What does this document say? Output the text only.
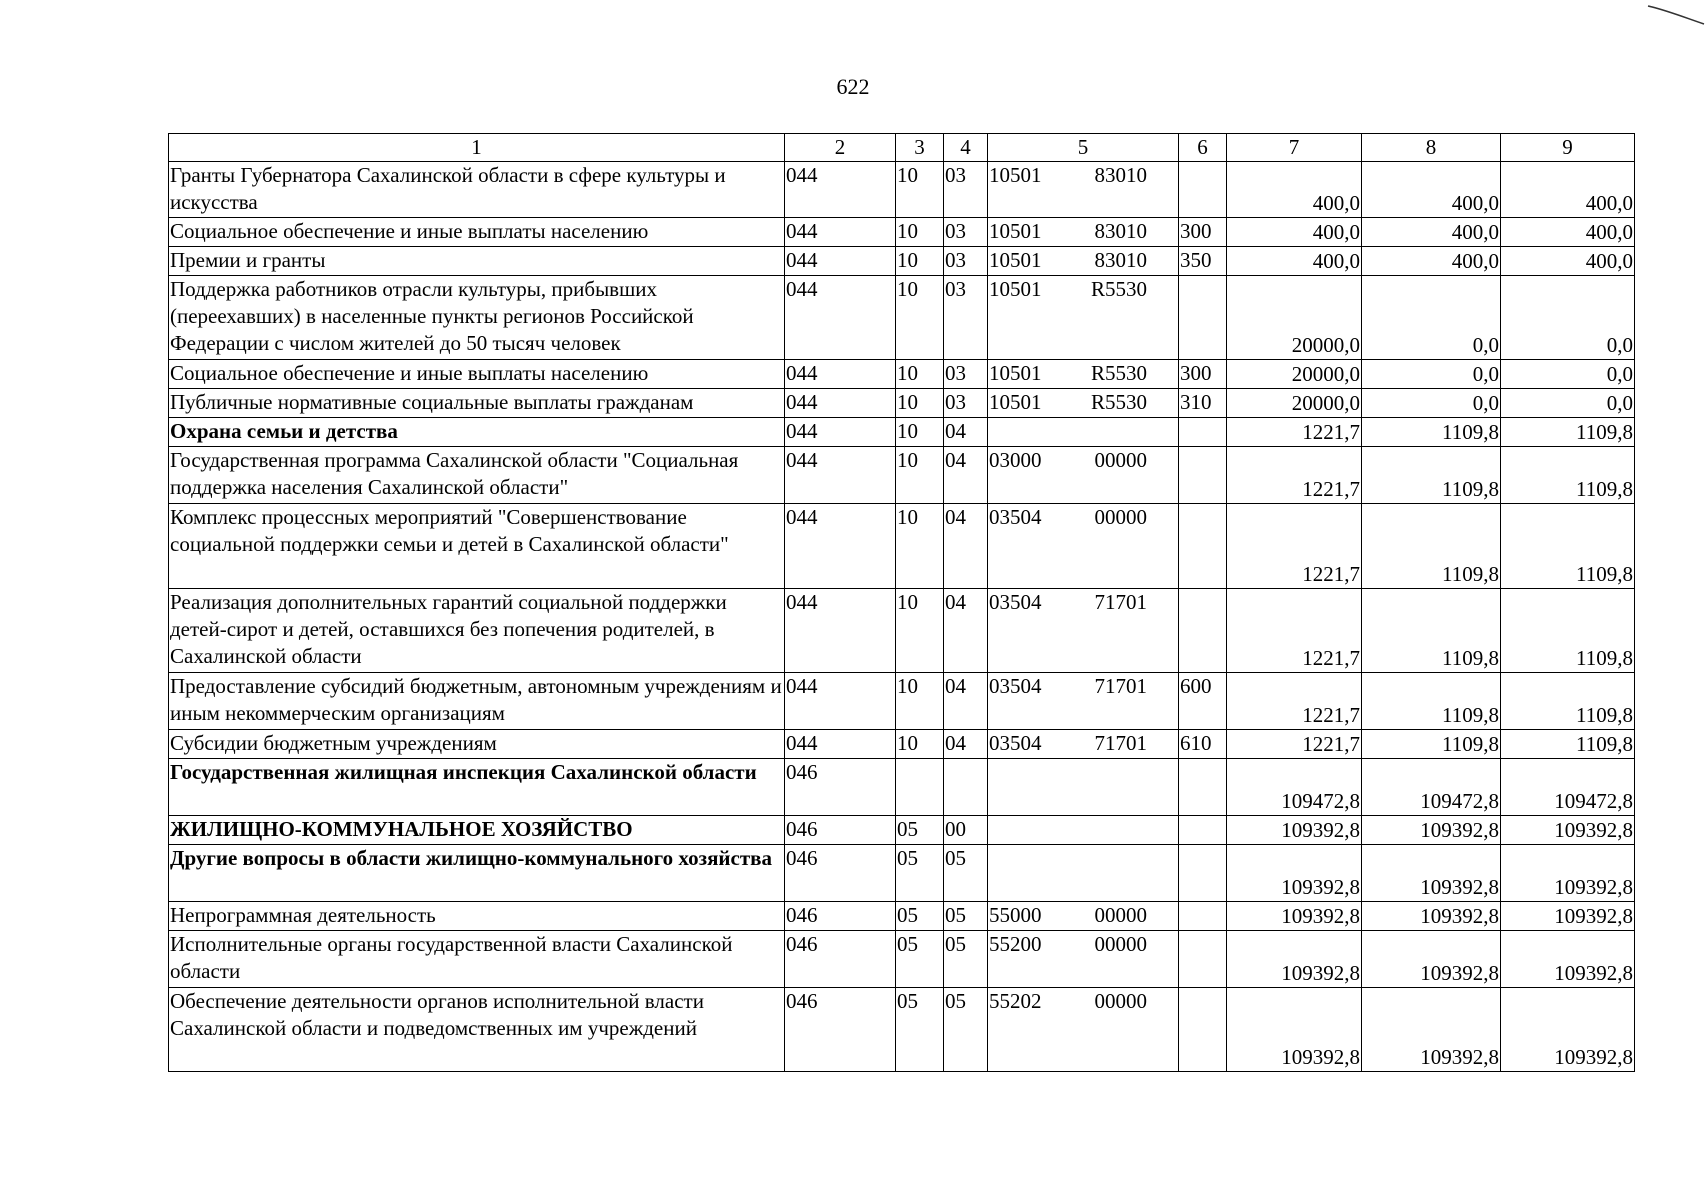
622
1	2	3	4	5	6	7	8	9
Гранты Губернатора Сахалинской области в сфере культуры и искусства	044	10	03	10501 83010		400,0	400,0	400,0
Социальное обеспечение и иные выплаты населению	044	10	03	10501 83010	300	400,0	400,0	400,0
Премии и гранты	044	10	03	10501 83010	350	400,0	400,0	400,0
Поддержка работников отрасли культуры, прибывших (переехавших) в населенные пункты регионов Российской Федерации с числом жителей до 50 тысяч человек	044	10	03	10501 R5530		20000,0	0,0	0,0
Социальное обеспечение и иные выплаты населению	044	10	03	10501 R5530	300	20000,0	0,0	0,0
Публичные нормативные социальные выплаты гражданам	044	10	03	10501 R5530	310	20000,0	0,0	0,0
Охрана семьи и детства	044	10	04			1221,7	1109,8	1109,8
Государственная программа Сахалинской области "Социальная поддержка населения Сахалинской области"	044	10	04	03000 00000		1221,7	1109,8	1109,8
Комплекс процессных мероприятий "Совершенствование социальной поддержки семьи и детей в Сахалинской области"	044	10	04	03504 00000		1221,7	1109,8	1109,8
Реализация дополнительных гарантий социальной поддержки детей-сирот и детей, оставшихся без попечения родителей, в Сахалинской области	044	10	04	03504 71701		1221,7	1109,8	1109,8
Предоставление субсидий бюджетным, автономным учреждениям и иным некоммерческим организациям	044	10	04	03504 71701	600	1221,7	1109,8	1109,8
Субсидии бюджетным учреждениям	044	10	04	03504 71701	610	1221,7	1109,8	1109,8
Государственная жилищная инспекция Сахалинской области	046					109472,8	109472,8	109472,8
ЖИЛИЩНО-КОММУНАЛЬНОЕ ХОЗЯЙСТВО	046	05	00			109392,8	109392,8	109392,8
Другие вопросы в области жилищно-коммунального хозяйства	046	05	05			109392,8	109392,8	109392,8
Непрограммная деятельность	046	05	05	55000 00000		109392,8	109392,8	109392,8
Исполнительные органы государственной власти Сахалинской области	046	05	05	55200 00000		109392,8	109392,8	109392,8
Обеспечение деятельности органов исполнительной власти Сахалинской области и подведомственных им учреждений	046	05	05	55202 00000		109392,8	109392,8	109392,8
